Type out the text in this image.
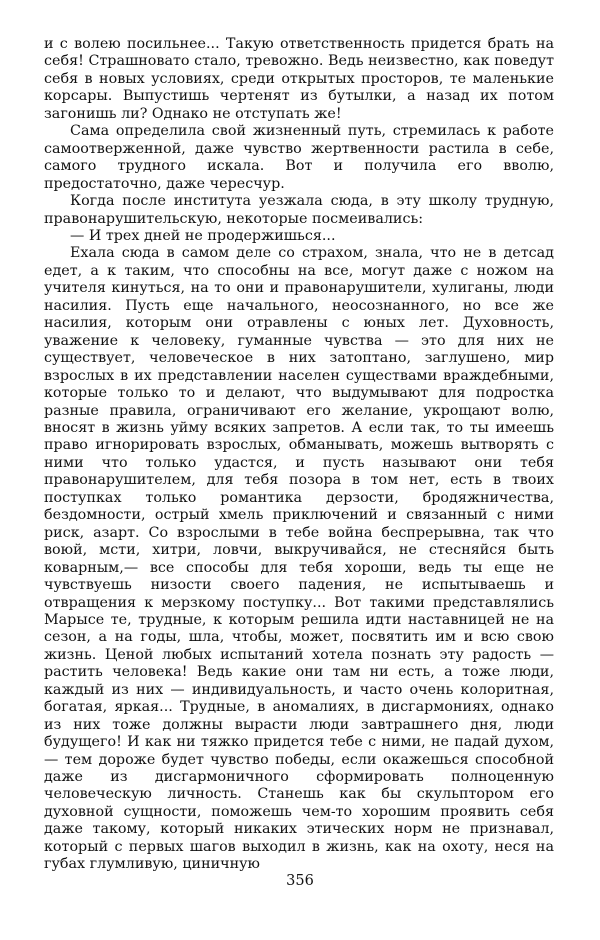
и с волею посильнее... Такую ответственность придется брать на себя! Страшновато стало, тревожно. Ведь неизвестно, как поведут себя в новых условиях, среди открытых просторов, те маленькие корсары. Выпустишь чертенят из бутылки, а назад их потом загонишь ли? Однако не отступать же!

Сама определила свой жизненный путь, стремилась к работе самоотверженной, даже чувство жертвенности растила в себе, самого трудного искала. Вот и получила его вволю, предостаточно, даже чересчур.

Когда после института уезжала сюда, в эту школу трудную, правонарушительскую, некоторые посмеивались:

— И трех дней не продержишься...

Ехала сюда в самом деле со страхом, знала, что не в детсад едет, а к таким, что способны на все, могут даже с ножом на учителя кинуться, на то они и правонарушители, хулиганы, люди насилия. Пусть еще начального, неосознанного, но все же насилия, которым они отравлены с юных лет. Духовность, уважение к человеку, гуманные чувства — это для них не существует, человеческое в них затоптано, заглушено, мир взрослых в их представлении населен существами враждебными, которые только то и делают, что выдумывают для подростка разные правила, ограничивают его желание, укрощают волю, вносят в жизнь уйму всяких запретов. А если так, то ты имеешь право игнорировать взрослых, обманывать, можешь вытворять с ними что только удастся, и пусть называют они тебя правонарушителем, для тебя позора в том нет, есть в твоих поступках только романтика дерзости, бродяжничества, бездомности, острый хмель приключений и связанный с ними риск, азарт. Со взрослыми в тебе война беспрерывна, так что воюй, мсти, хитри, ловчи, выкручивайся, не стесняйся быть коварным,— все способы для тебя хороши, ведь ты еще не чувствуешь низости своего падения, не испытываешь и отвращения к мерзкому поступку... Вот такими представлялись Марысе те, трудные, к которым решила идти наставницей не на сезон, а на годы, шла, чтобы, может, посвятить им и всю свою жизнь. Ценой любых испытаний хотела познать эту радость — растить человека! Ведь какие они там ни есть, а тоже люди, каждый из них — индивидуальность, и часто очень колоритная, богатая, яркая... Трудные, в аномалиях, в дисгармониях, однако из них тоже должны вырасти люди завтрашнего дня, люди будущего! И как ни тяжко придется тебе с ними, не падай духом,— тем дороже будет чувство победы, если окажешься способной даже из дисгармоничного сформировать полноценную человеческую личность. Станешь как бы скульптором его духовной сущности, поможешь чем-то хорошим проявить себя даже такому, который никаких этических норм не признавал, который с первых шагов выходил в жизнь, как на охоту, неся на губах глумливую, циничную

356
